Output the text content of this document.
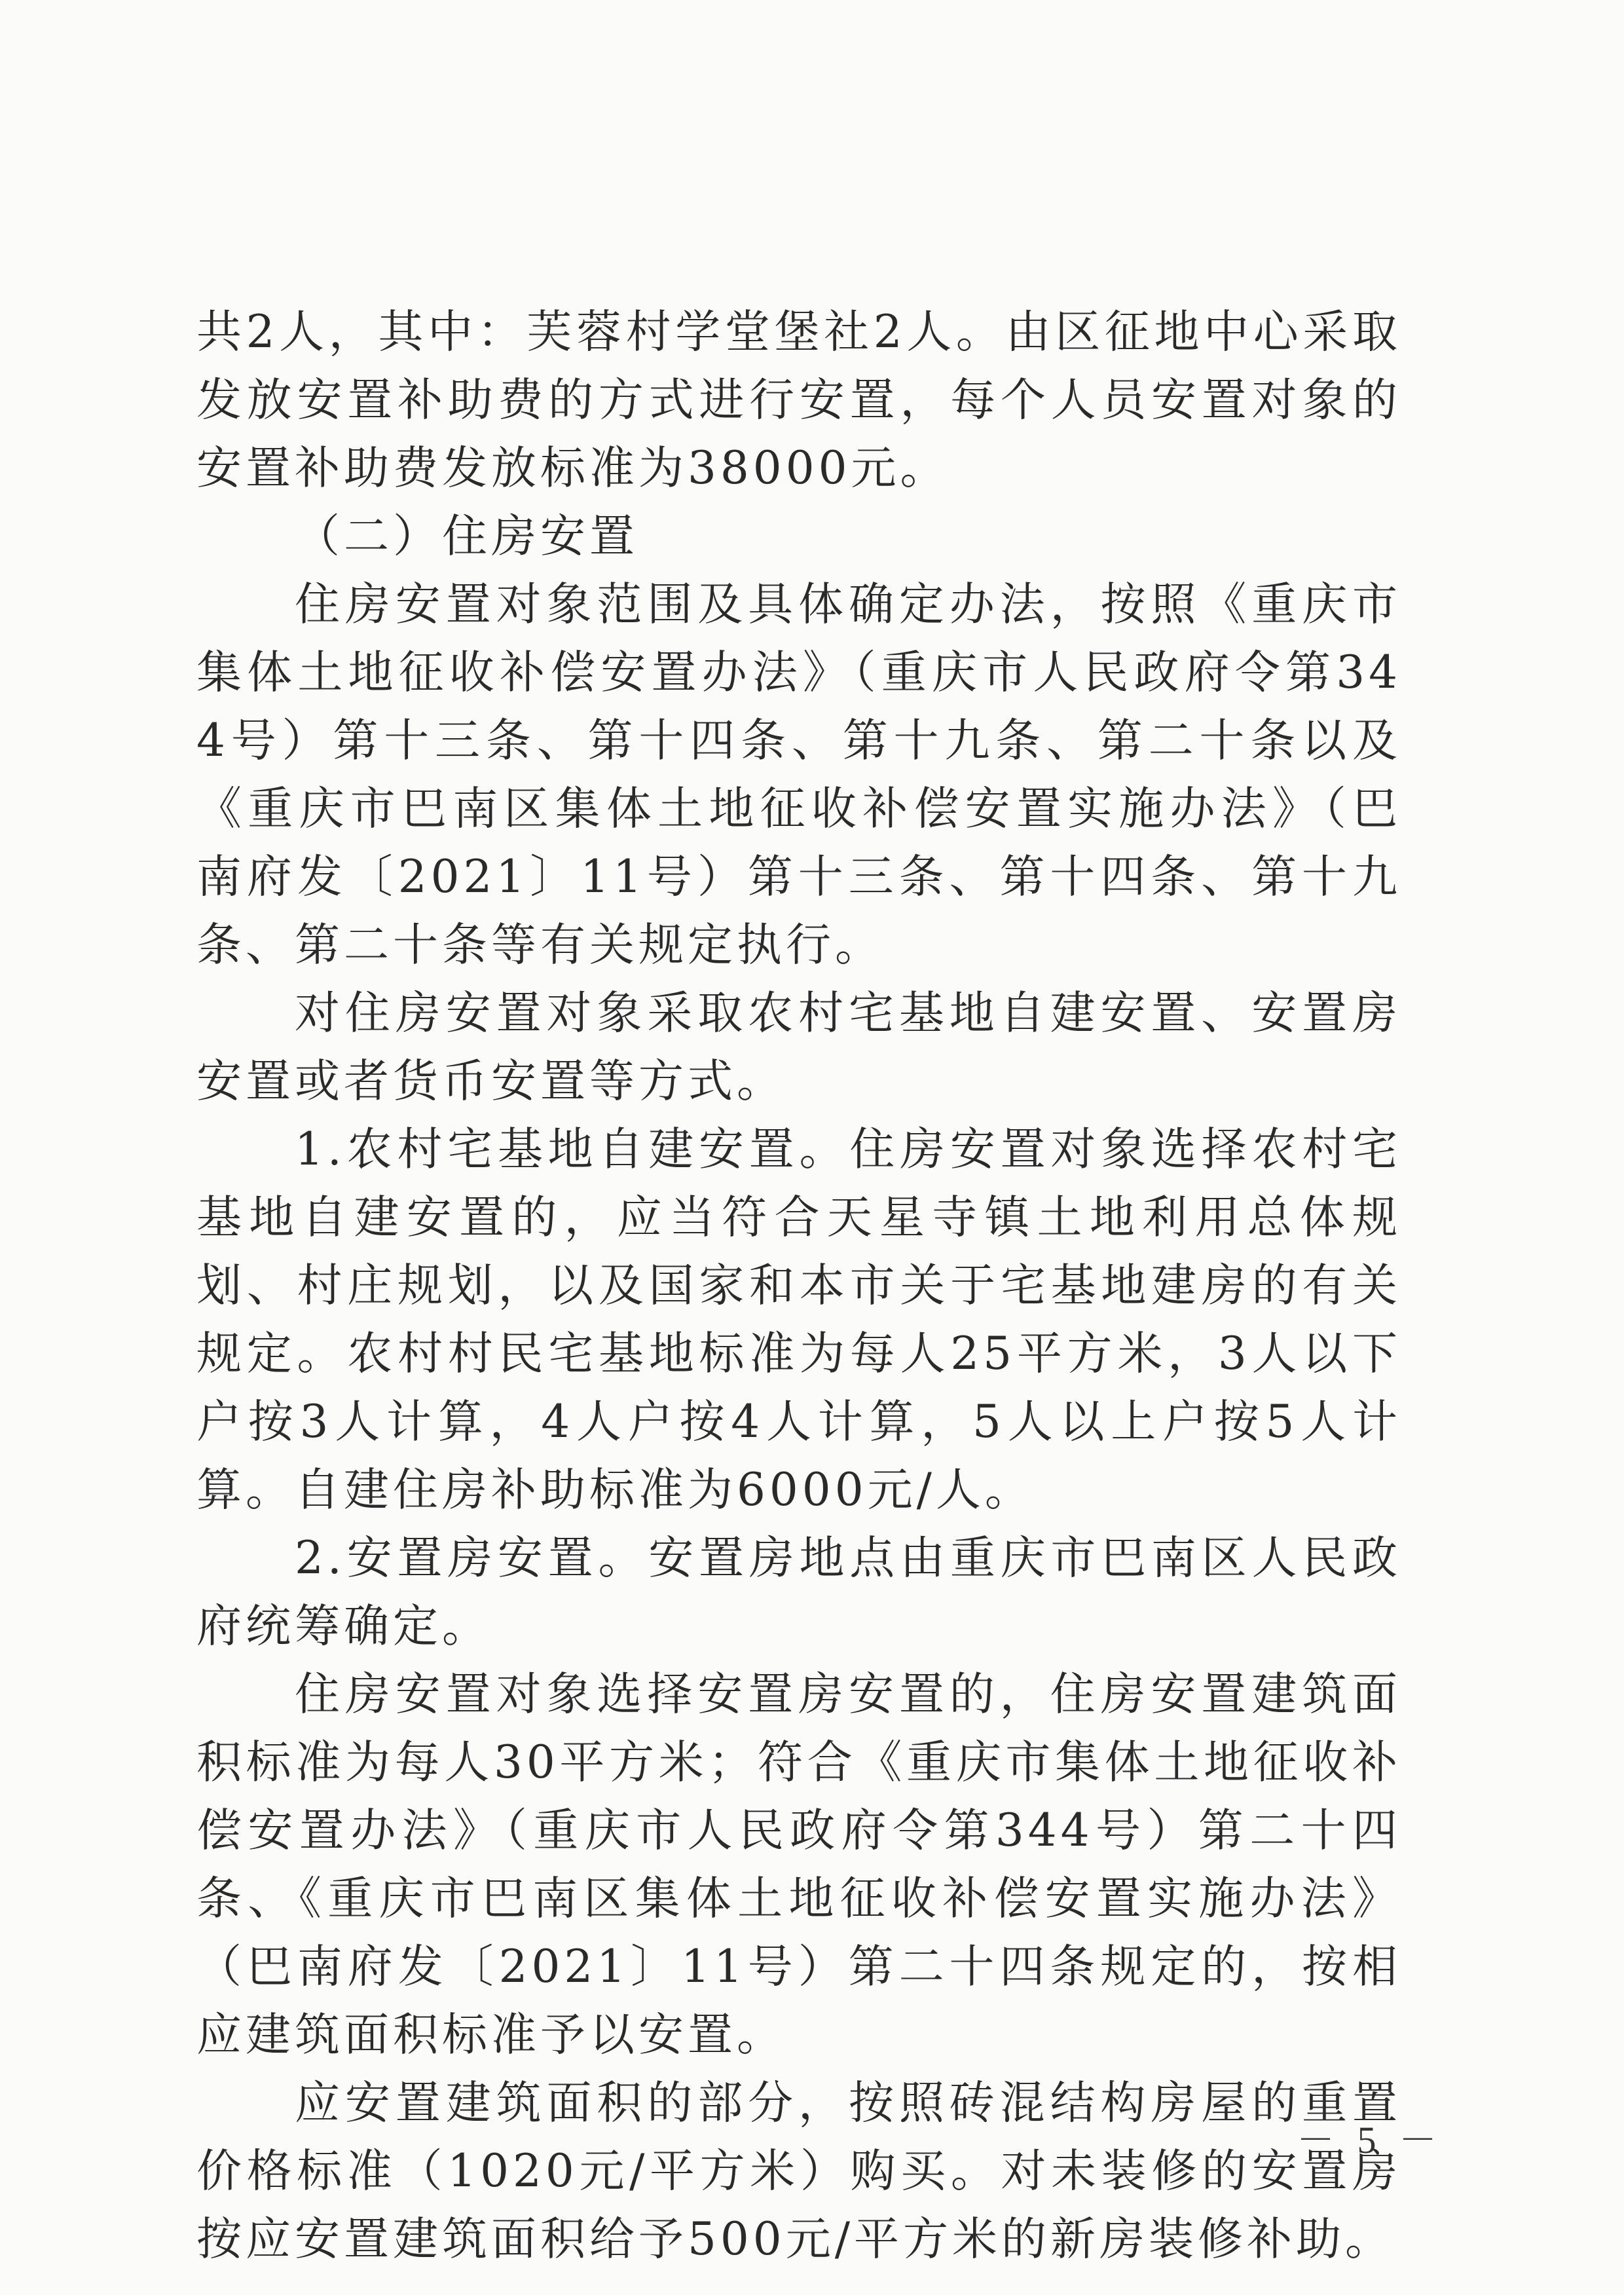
共2人，其中：芙蓉村学堂堡社2人。由区征地中心采取发放安置补助费的方式进行安置，每个人员安置对象的安置补助费发放标准为38000元。

（二）住房安置

住房安置对象范围及具体确定办法，按照《重庆市集体土地征收补偿安置办法》（重庆市人民政府令第344号）第十三条、第十四条、第十九条、第二十条以及《重庆市巴南区集体土地征收补偿安置实施办法》（巴南府发〔2021〕11号）第十三条、第十四条、第十九条、第二十条等有关规定执行。

对住房安置对象采取农村宅基地自建安置、安置房安置或者货币安置等方式。

1.农村宅基地自建安置。住房安置对象选择农村宅基地自建安置的，应当符合天星寺镇土地利用总体规划、村庄规划，以及国家和本市关于宅基地建房的有关规定。农村村民宅基地标准为每人25平方米，3人以下户按3人计算，4人户按4人计算，5人以上户按5人计算。自建住房补助标准为6000元/人。

2.安置房安置。安置房地点由重庆市巴南区人民政府统筹确定。

住房安置对象选择安置房安置的，住房安置建筑面积标准为每人30平方米；符合《重庆市集体土地征收补偿安置办法》（重庆市人民政府令第344号）第二十四条、《重庆市巴南区集体土地征收补偿安置实施办法》（巴南府发〔2021〕11号）第二十四条规定的，按相应建筑面积标准予以安置。

应安置建筑面积的部分，按照砖混结构房屋的重置价格标准（1020元/平方米）购买。对未装修的安置房按应安置建筑面积给予500元/平方米的新房装修补助。

－ 5 －
